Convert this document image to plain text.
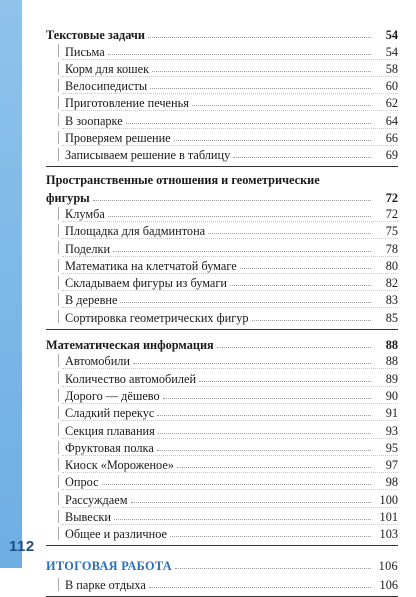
112
Текстовые задачи	54
Письма	54
Корм для кошек	58
Велосипедисты	60
Приготовление печенья	62
В зоопарке	64
Проверяем решение	66
Записываем решение в таблицу	69
Пространственные отношения и геометрические
фигуры	72
Клумба	72
Площадка для бадминтона	75
Поделки	78
Математика на клетчатой бумаге	80
Складываем фигуры из бумаги	82
В деревне	83
Сортировка геометрических фигур	85
Математическая информация	88
Автомобили	88
Количество автомобилей	89
Дорого — дёшево	90
Сладкий перекус	91
Секция плавания	93
Фруктовая полка	95
Киоск «Мороженое»	97
Опрос	98
Рассуждаем	100
Вывески	101
Общее и различное	103
ИТОГОВАЯ РАБОТА	106
В парке отдыха	106
